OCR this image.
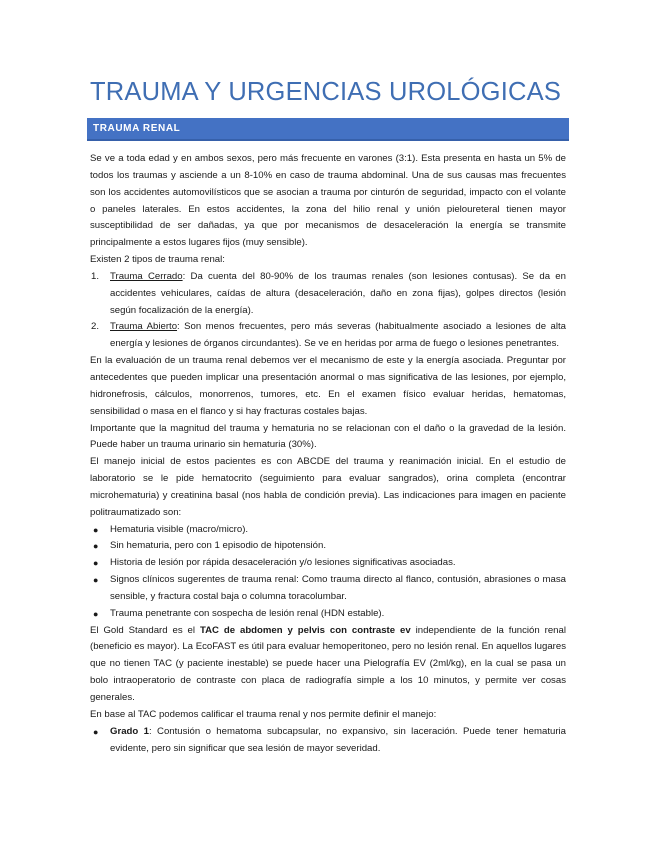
TRAUMA Y URGENCIAS UROLÓGICAS
TRAUMA RENAL

Se ve a toda edad y en ambos sexos, pero más frecuente en varones (3:1). Esta presenta en hasta un 5% de todos los traumas y asciende a un 8-10% en caso de trauma abdominal. Una de sus causas mas frecuentes son los accidentes automovilísticos que se asocian a trauma por cinturón de seguridad, impacto con el volante o paneles laterales. En estos accidentes, la zona del hilio renal y unión pieloureteral tienen mayor susceptibilidad de ser dañadas, ya que por mecanismos de desaceleración la energía se transmite principalmente a estos lugares fijos (muy sensible).

Existen 2 tipos de trauma renal:

1. Trauma Cerrado: Da cuenta del 80-90% de los traumas renales (son lesiones contusas). Se da en accidentes vehiculares, caídas de altura (desaceleración, daño en zona fijas), golpes directos (lesión según focalización de la energía).
2. Trauma Abierto: Son menos frecuentes, pero más severas (habitualmente asociado a lesiones de alta energía y lesiones de órganos circundantes). Se ve en heridas por arma de fuego o lesiones penetrantes.

En la evaluación de un trauma renal debemos ver el mecanismo de este y la energía asociada. Preguntar por antecedentes que pueden implicar una presentación anormal o mas significativa de las lesiones, por ejemplo, hidronefrosis, cálculos, monorrenos, tumores, etc. En el examen físico evaluar heridas, hematomas, sensibilidad o masa en el flanco y si hay fracturas costales bajas.

Importante que la magnitud del trauma y hematuria no se relacionan con el daño o la gravedad de la lesión. Puede haber un trauma urinario sin hematuria (30%).

El manejo inicial de estos pacientes es con ABCDE del trauma y reanimación inicial. En el estudio de laboratorio se le pide hematocrito (seguimiento para evaluar sangrados), orina completa (encontrar microhematuria) y creatinina basal (nos habla de condición previa). Las indicaciones para imagen en paciente politraumatizado son:

● Hematuria visible (macro/micro).
● Sin hematuria, pero con 1 episodio de hipotensión.
● Historia de lesión por rápida desaceleración y/o lesiones significativas asociadas.
● Signos clínicos sugerentes de trauma renal: Como trauma directo al flanco, contusión, abrasiones o masa sensible, y fractura costal baja o columna toracolumbar.
● Trauma penetrante con sospecha de lesión renal (HDN estable).

El Gold Standard es el TAC de abdomen y pelvis con contraste ev independiente de la función renal (beneficio es mayor). La EcoFAST es útil para evaluar hemoperitoneo, pero no lesión renal. En aquellos lugares que no tienen TAC (y paciente inestable) se puede hacer una Pielografía EV (2ml/kg), en la cual se pasa un bolo intraoperatorio de contraste con placa de radiografía simple a los 10 minutos, y permite ver cosas generales.

En base al TAC podemos calificar el trauma renal y nos permite definir el manejo:

● Grado 1: Contusión o hematoma subcapsular, no expansivo, sin laceración. Puede tener hematuria evidente, pero sin significar que sea lesión de mayor severidad.
